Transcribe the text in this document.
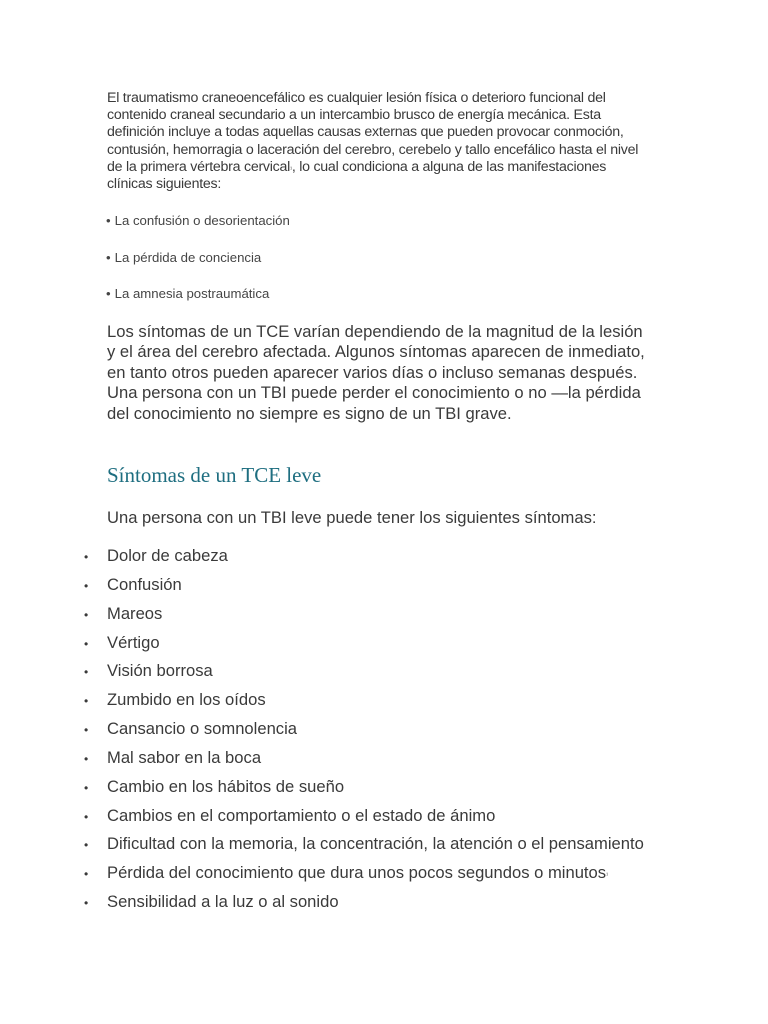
El traumatismo craneoencefálico es cualquier lesión física o deterioro funcional del contenido craneal secundario a un intercambio brusco de energía mecánica. Esta definición incluye a todas aquellas causas externas que pueden provocar conmoción, contusión, hemorragia o laceración del cerebro, cerebelo y tallo encefálico hasta el nivel de la primera vértebra cervical$^{^1}$, lo cual condiciona a alguna de las manifestaciones clínicas siguientes:

• La confusión o desorientación

• La pérdida de conciencia

• La amnesia postraumática

Los síntomas de un TCE varían dependiendo de la magnitud de la lesión y el área del cerebro afectada. Algunos síntomas aparecen de inmediato, en tanto otros pueden aparecer varios días o incluso semanas después. Una persona con un TBI puede perder el conocimiento o no —la pérdida del conocimiento no siempre es signo de un TBI grave.

Síntomas de un TCE leve

Una persona con un TBI leve puede tener los siguientes síntomas:

• Dolor de cabeza
• Confusión
• Mareos
• Vértigo
• Visión borrosa
• Zumbido en los oídos
• Cansancio o somnolencia
• Mal sabor en la boca
• Cambio en los hábitos de sueño
• Cambios en el comportamiento o el estado de ánimo
• Dificultad con la memoria, la concentración, la atención o el pensamiento
• Pérdida del conocimiento que dura unos pocos segundos o minutos$^{^1}$
• Sensibilidad a la luz o al sonido
